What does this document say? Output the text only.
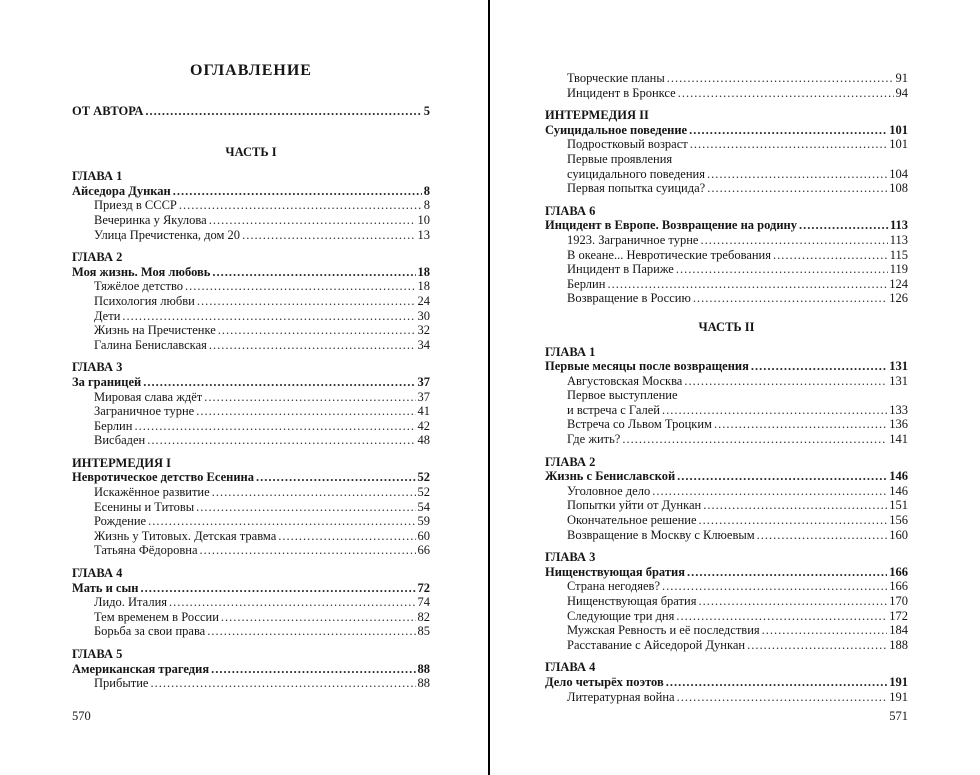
ОГЛАВЛЕНИЕ
ОТ АВТОРА .....	5
ЧАСТЬ I
ГЛАВА 1
Айседора Дункан .....	8
Приезд в СССР .....	8
Вечеринка у Якулова .....	10
Улица Пречистенка, дом 20 .....	13
ГЛАВА 2
Моя жизнь. Моя любовь .....	18
Тяжёлое детство .....	18
Психология любви .....	24
Дети .....	30
Жизнь на Пречистенке .....	32
Галина Бениславская .....	34
ГЛАВА 3
За границей .....	37
Мировая слава ждёт .....	37
Заграничное турне .....	41
Берлин .....	42
Висбаден .....	48
ИНТЕРМЕДИЯ I
Невротическое детство Есенина .....	52
Искажённое развитие .....	52
Есенины и Титовы .....	54
Рождение .....	59
Жизнь у Титовых. Детская травма .....	60
Татьяна Фёдоровна .....	66
ГЛАВА 4
Мать и сын .....	72
Лидо. Италия .....	74
Тем временем в России .....	82
Борьба за свои права .....	85
ГЛАВА 5
Американская трагедия .....	88
Прибытие .....	88
Творческие планы .....	91
Инцидент в Бронксе .....	94
ИНТЕРМЕДИЯ II
Суицидальное поведение .....	101
Подростковый возраст .....	101
Первые проявления
суицидального поведения .....	104
Первая попытка суицида? .....	108
ГЛАВА 6
Инцидент в Европе. Возвращение на родину .....	113
1923. Заграничное турне .....	113
В океане... Невротические требования .....	115
Инцидент в Париже .....	119
Берлин .....	124
Возвращение в Россию .....	126
ЧАСТЬ II
ГЛАВА 1
Первые месяцы после возвращения .....	131
Августовская Москва .....	131
Первое выступление
и встреча с Галей .....	133
Встреча со Львом Троцким .....	136
Где жить? .....	141
ГЛАВА 2
Жизнь с Бениславской .....	146
Уголовное дело .....	146
Попытки уйти от Дункан .....	151
Окончательное решение .....	156
Возвращение в Москву с Клюевым .....	160
ГЛАВА 3
Нищенствующая братия .....	166
Страна негодяев? .....	166
Нищенствующая братия .....	170
Следующие три дня .....	172
Мужская Ревность и её последствия .....	184
Расставание с Айседорой Дункан .....	188
ГЛАВА 4
Дело четырёх поэтов .....	191
Литературная война .....	191
570	571
